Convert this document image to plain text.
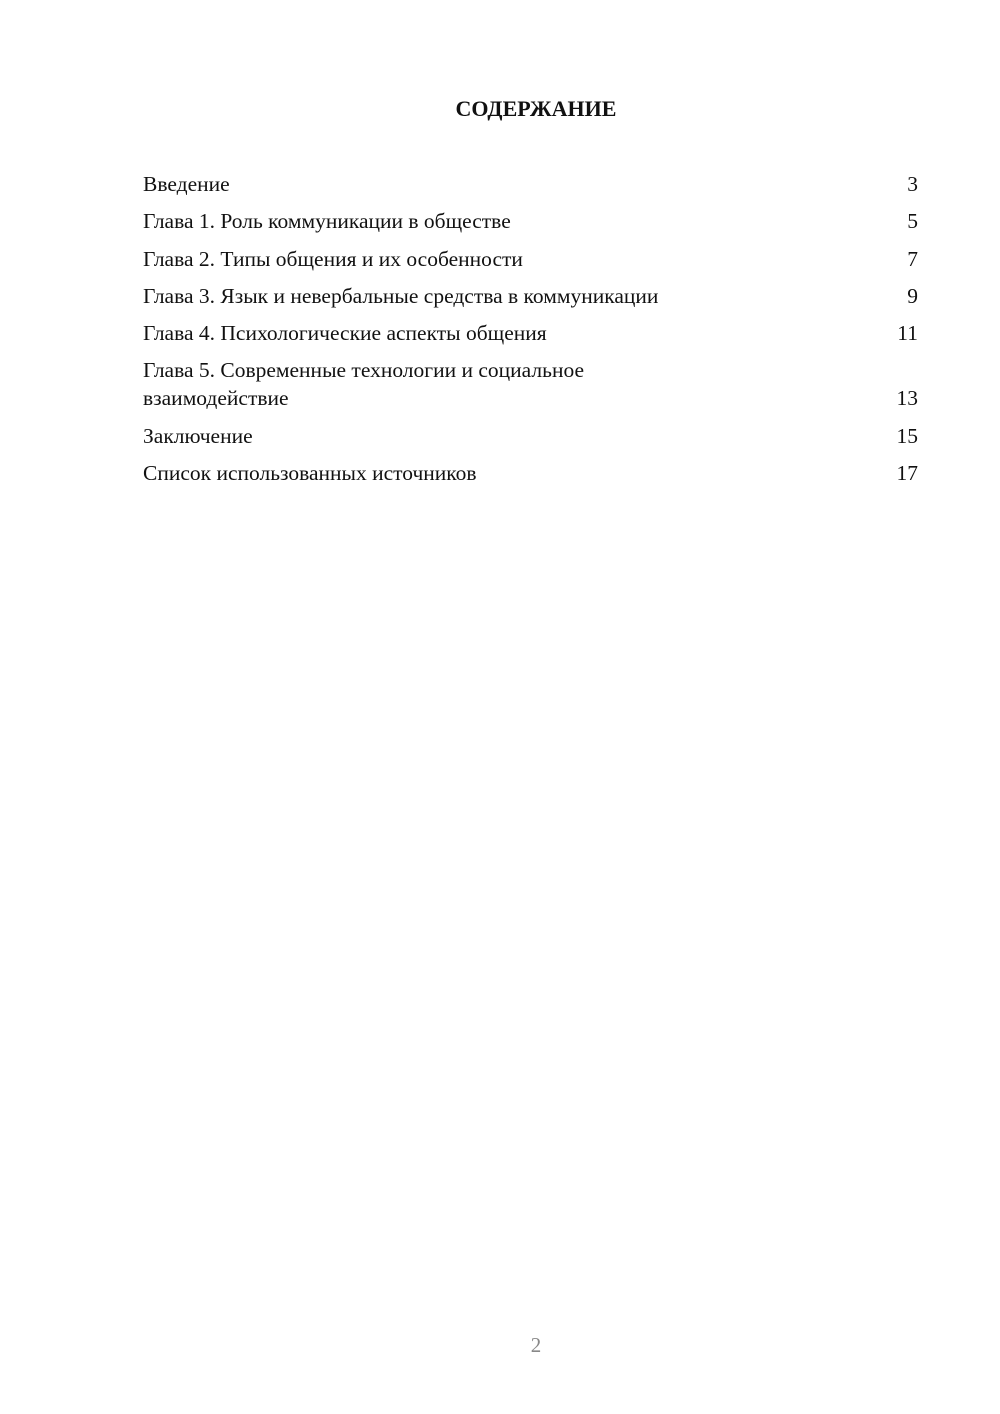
СОДЕРЖАНИЕ
Введение	3
Глава 1. Роль коммуникации в обществе	5
Глава 2. Типы общения и их особенности	7
Глава 3. Язык и невербальные средства в коммуникации	9
Глава 4. Психологические аспекты общения	11
Глава 5. Современные технологии и социальное взаимодействие	13
Заключение	15
Список использованных источников	17
2
